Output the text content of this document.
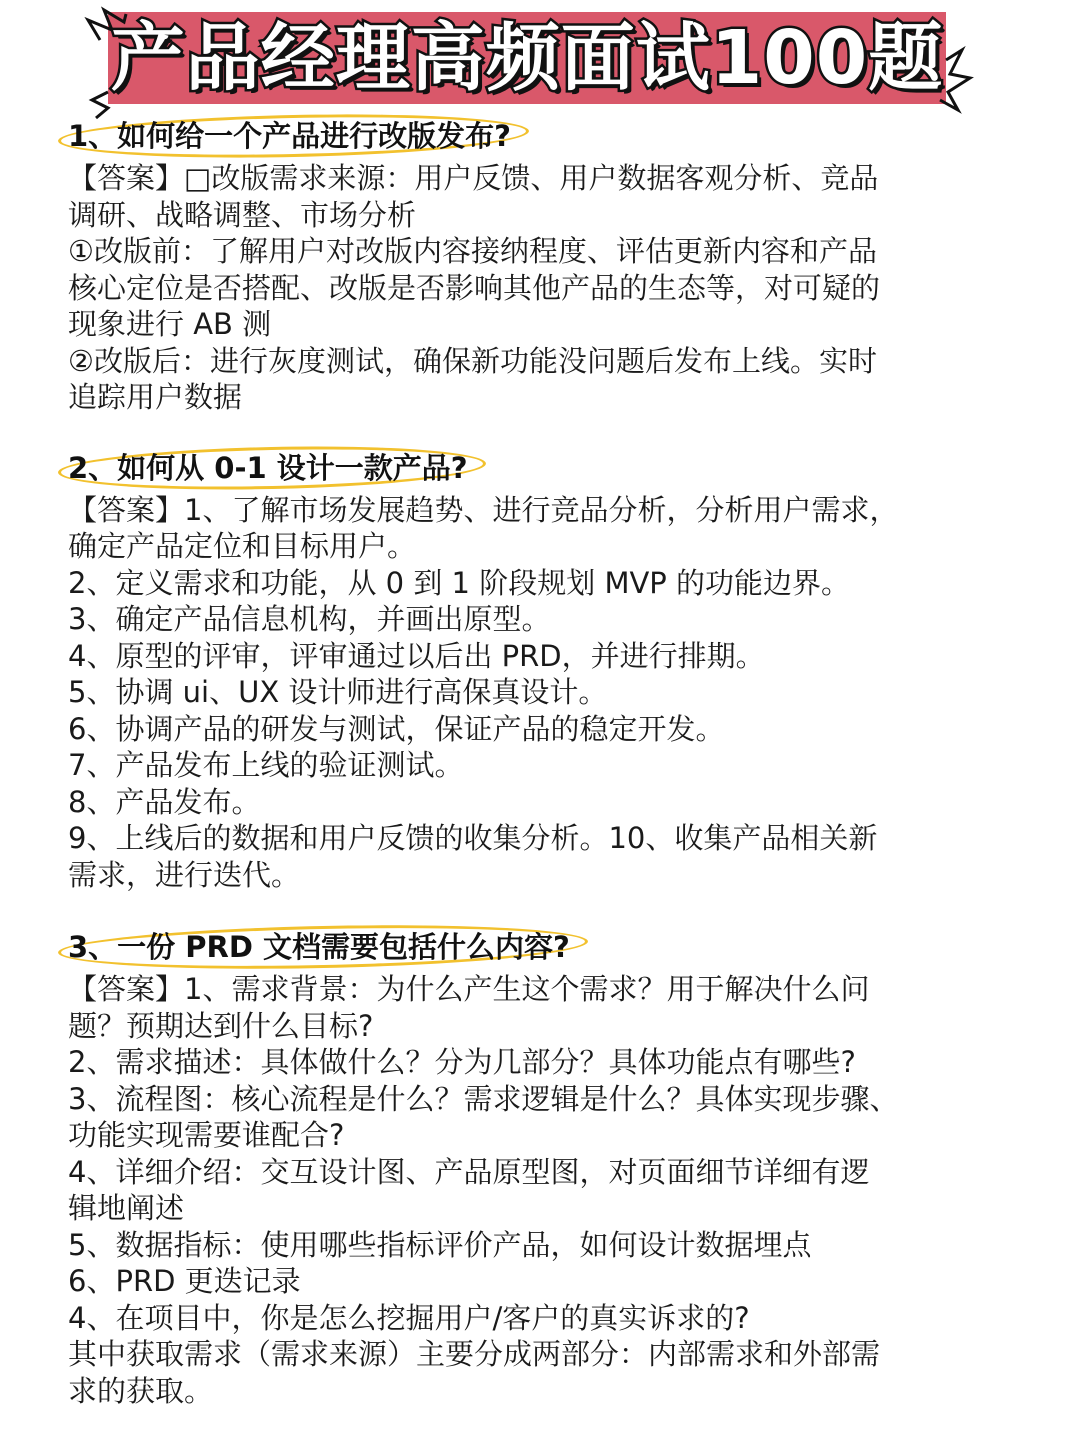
产品经理高频面试100题
1、如何给一个产品进行改版发布?
【答案】□改版需求来源：用户反馈、用户数据客观分析、竞品
调研、战略调整、市场分析
①改版前：了解用户对改版内容接纳程度、评估更新内容和产品
核心定位是否搭配、改版是否影响其他产品的生态等，对可疑的
现象进行 AB 测
②改版后：进行灰度测试，确保新功能没问题后发布上线。实时
追踪用户数据
2、如何从 0-1 设计一款产品?
【答案】1、了解市场发展趋势、进行竞品分析，分析用户需求，
确定产品定位和目标用户。
2、定义需求和功能，从 0 到 1 阶段规划 MVP 的功能边界。
3、确定产品信息机构，并画出原型。
4、原型的评审，评审通过以后出 PRD，并进行排期。
5、协调 ui、UX 设计师进行高保真设计。
6、协调产品的研发与测试，保证产品的稳定开发。
7、产品发布上线的验证测试。
8、产品发布。
9、上线后的数据和用户反馈的收集分析。10、收集产品相关新
需求，进行迭代。
3、一份 PRD 文档需要包括什么内容?
【答案】1、需求背景：为什么产生这个需求？用于解决什么问
题？预期达到什么目标?
2、需求描述：具体做什么？分为几部分？具体功能点有哪些?
3、流程图：核心流程是什么？需求逻辑是什么？具体实现步骤、
功能实现需要谁配合?
4、详细介绍：交互设计图、产品原型图，对页面细节详细有逻
辑地阐述
5、数据指标：使用哪些指标评价产品，如何设计数据埋点
6、PRD 更迭记录
4、在项目中，你是怎么挖掘用户/客户的真实诉求的?
其中获取需求（需求来源）主要分成两部分：内部需求和外部需
求的获取。
